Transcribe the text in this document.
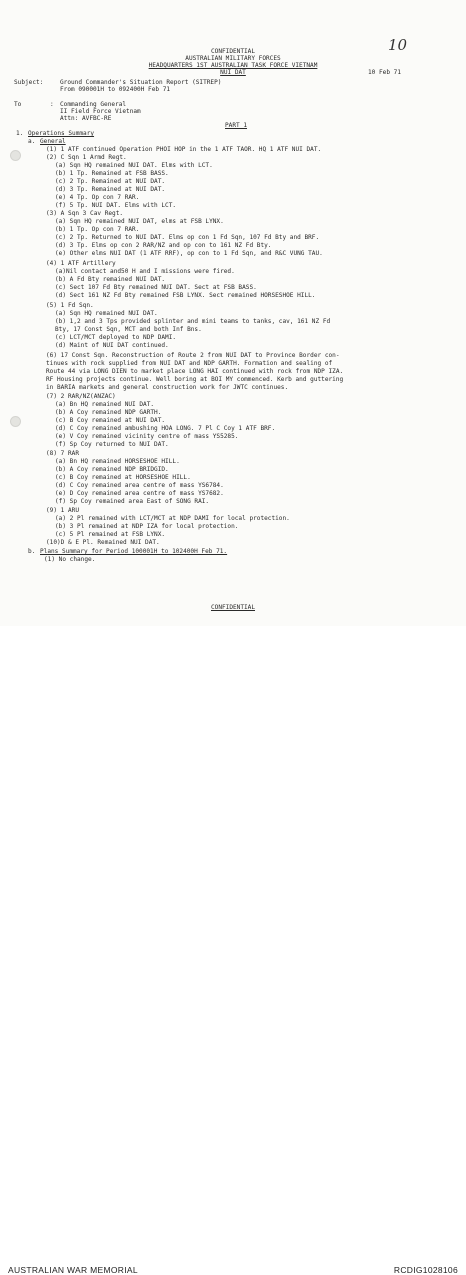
10
CONFIDENTIAL
AUSTRALIAN MILITARY FORCES
HEADQUARTERS 1ST AUSTRALIAN TASK FORCE VIETNAM
NUI DAT	10 Feb 71
Subject:	Ground Commander's Situation Report (SITREP)
From 090001H to 092400H Feb 71
To	: Commanding General
II Field Force Vietnam
Attn: AVFBC-RE
PART 1
1. Operations Summary
a. General
(1) 1 ATF continued Operation PHOI HOP in the 1 ATF TAOR. HQ 1 ATF NUI DAT.
(2) C Sqn 1 Armd Regt.
(a) Sqn HQ remained NUI DAT. Elms with LCT.
(b) 1 Tp. Remained at FSB BASS.
(c) 2 Tp. Remained at NUI DAT.
(d) 3 Tp. Remained at NUI DAT.
(e) 4 Tp. Op con 7 RAR.
(f) 5 Tp. NUI DAT. Elms with LCT.
(3) A Sqn 3 Cav Regt.
(a) Sqn HQ remained NUI DAT, elms at FSB LYNX.
(b) 1 Tp. Op con 7 RAR.
(c) 2 Tp. Returned to NUI DAT. Elms op con 1 Fd Sqn, 107 Fd Bty and BRF.
(d) 3 Tp. Elms op con 2 RAR/NZ and op con to 161 NZ Fd Bty.
(e) Other elms NUI DAT (1 ATF RRF), op con to 1 Fd Sqn, and R&C VUNG TAU.
(4) 1 ATF Artillery
(a)Nil contact and50 H and I missions were fired.
(b) A Fd Bty remained NUI DAT.
(c) Sect 107 Fd Bty remained NUI DAT. Sect at FSB BASS.
(d) Sect 161 NZ Fd Bty remained FSB LYNX. Sect remained HORSESHOE HILL.
(5) 1 Fd Sqn.
(a) Sqn HQ remained NUI DAT.
(b) 1,2 and 3 Tps provided splinter and mini teams to tanks, cav, 161 NZ Fd
Bty, 17 Const Sqn, MCT and both Inf Bns.
(c) LCT/MCT deployed to NDP DAMI.
(d) Maint of NUI DAT continued.
(6) 17 Const Sqn. Reconstruction of Route 2 from NUI DAT to Province Border con-
tinues with rock supplied from NUI DAT and NDP GARTH. Formation and sealing of
Route 44 via LONG DIEN to market place LONG HAI continued with rock from NDP IZA.
RF Housing projects continue. Well boring at BOI MY commenced. Kerb and guttering
in BARIA markets and general construction work for JWTC continues.
(7) 2 RAR/NZ(ANZAC)
(a) Bn HQ remained NUI DAT.
(b) A Coy remained NDP GARTH.
(c) B Coy remained at NUI DAT.
(d) C Coy remained ambushing HOA LONG. 7 Pl C Coy 1 ATF BRF.
(e) V Coy remained vicinity centre of mass YS5285.
(f) Sp Coy returned to NUI DAT.
(8) 7 RAR
(a) Bn HQ remained HORSESHOE HILL.
(b) A Coy remained NDP BRIDGID.
(c) B Coy remained at HORSESHOE HILL.
(d) C Coy remained area centre of mass YS6784.
(e) D Coy remained area centre of mass YS7682.
(f) Sp Coy remained area East of SONG RAI.
(9) 1 ARU
(a) 2 Pl remained with LCT/MCT at NDP DAMI for local protection.
(b) 3 Pl remained at NDP IZA for local protection.
(c) 5 Pl remained at FSB LYNX.
(10)D & E Pl. Remained NUI DAT.
b. Plans Summary for Period 100001H to 102400H Feb 71.
(1) No change.
CONFIDENTIAL
AUSTRALIAN WAR MEMORIAL	RCDIG1028106
